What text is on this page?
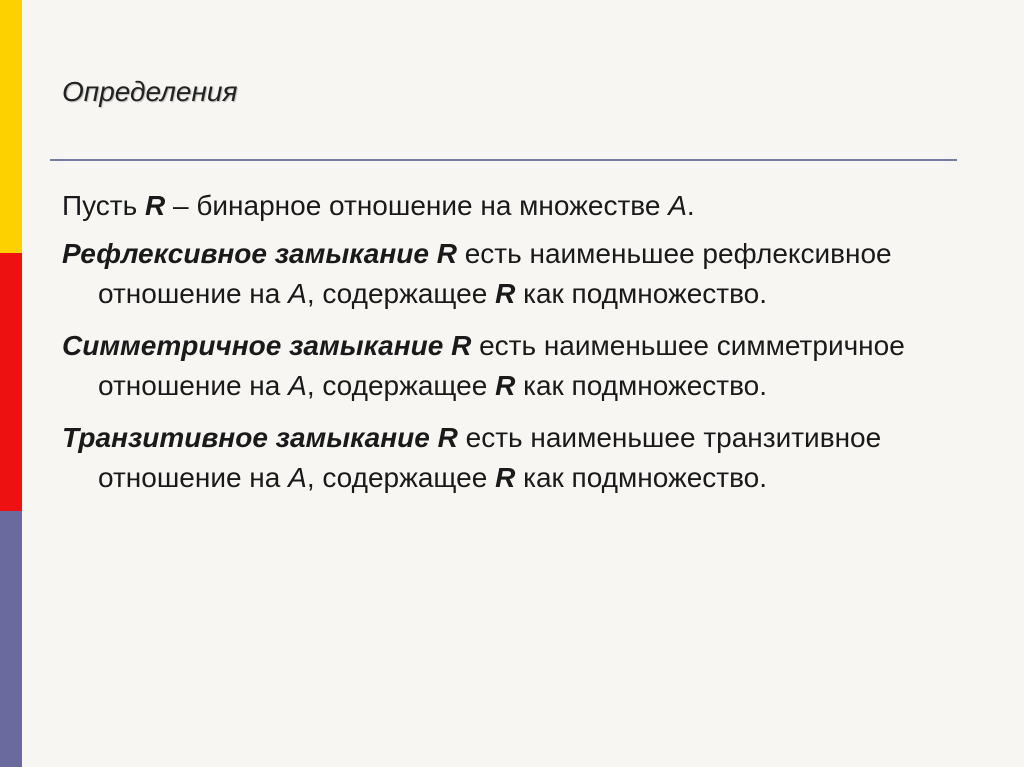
Определения

Пусть R – бинарное отношение на множестве A.

Рефлексивное замыкание R есть наименьшее рефлексивное отношение на A, содержащее R как подмножество.

Симметричное замыкание R есть наименьшее симметричное отношение на A, содержащее R как подмножество.

Транзитивное замыкание R есть наименьшее транзитивное отношение на A, содержащее R как подмножество.
